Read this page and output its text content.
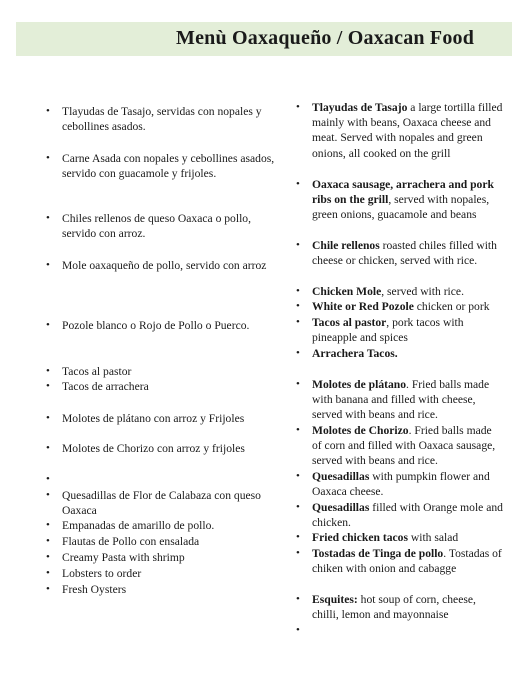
Menù Oaxaqueño / Oaxacan Food
• Tlayudas de Tasajo, servidas con nopales y cebollines asados.
• Carne Asada con nopales y cebollines asados, servido con guacamole y frijoles.
• Chiles rellenos de queso Oaxaca o pollo, servido con arroz.
• Mole oaxaqueño de pollo, servido con arroz
• Pozole blanco o Rojo de Pollo o Puerco.
• Tacos al pastor
• Tacos de arrachera
• Molotes de plátano con arroz y Frijoles
• Molotes de Chorizo con arroz y frijoles
•
• Quesadillas de Flor de Calabaza con queso Oaxaca
• Empanadas de amarillo de pollo.
• Flautas de Pollo con ensalada
• Creamy Pasta with shrimp
• Lobsters to order
• Fresh Oysters
• Tlayudas de Tasajo a large tortilla filled mainly with beans, Oaxaca cheese and meat. Served with nopales and green onions, all cooked on the grill
• Oaxaca sausage, arrachera and pork ribs on the grill, served with nopales, green onions, guacamole and beans
• Chile rellenos roasted chiles filled with cheese or chicken, served with rice.
• Chicken Mole, served with rice.
• White or Red Pozole chicken or pork
• Tacos al pastor, pork tacos with pineapple and spices
• Arrachera Tacos.
• Molotes de plátano. Fried balls made with banana and filled with cheese, served with beans and rice.
• Molotes de Chorizo. Fried balls made of corn and filled with Oaxaca sausage, served with beans and rice.
• Quesadillas with pumpkin flower and Oaxaca cheese.
• Quesadillas filled with Orange mole and chicken.
• Fried chicken tacos with salad
• Tostadas de Tinga de pollo. Tostadas of chiken with onion and cabagge
• Esquites: hot soup of corn, cheese, chilli, lemon and mayonnaise
•
